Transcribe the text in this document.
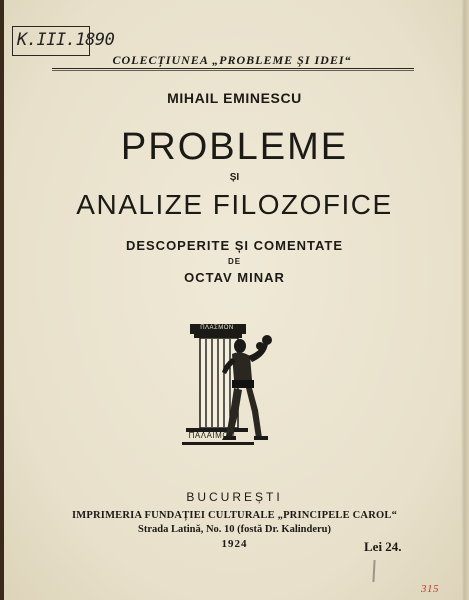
K.III.1890
COLECȚIUNEA „PROBLEME ȘI IDEI“
MIHAIL EMINESCU
PROBLEME
ȘI
ANALIZE FILOZOFICE
DESCOPERITE ȘI COMENTATE
DE
OCTAV MINAR
ΠΛΑΣΜΟΝ
ΠΑΛΑΙΜΟΝ
BUCUREȘTI
IMPRIMERIA FUNDAȚIEI CULTURALE „PRINCIPELE CAROL“
Strada Latină, No. 10 (fostă Dr. Kalinderu)
1924	Lei 24.
315
